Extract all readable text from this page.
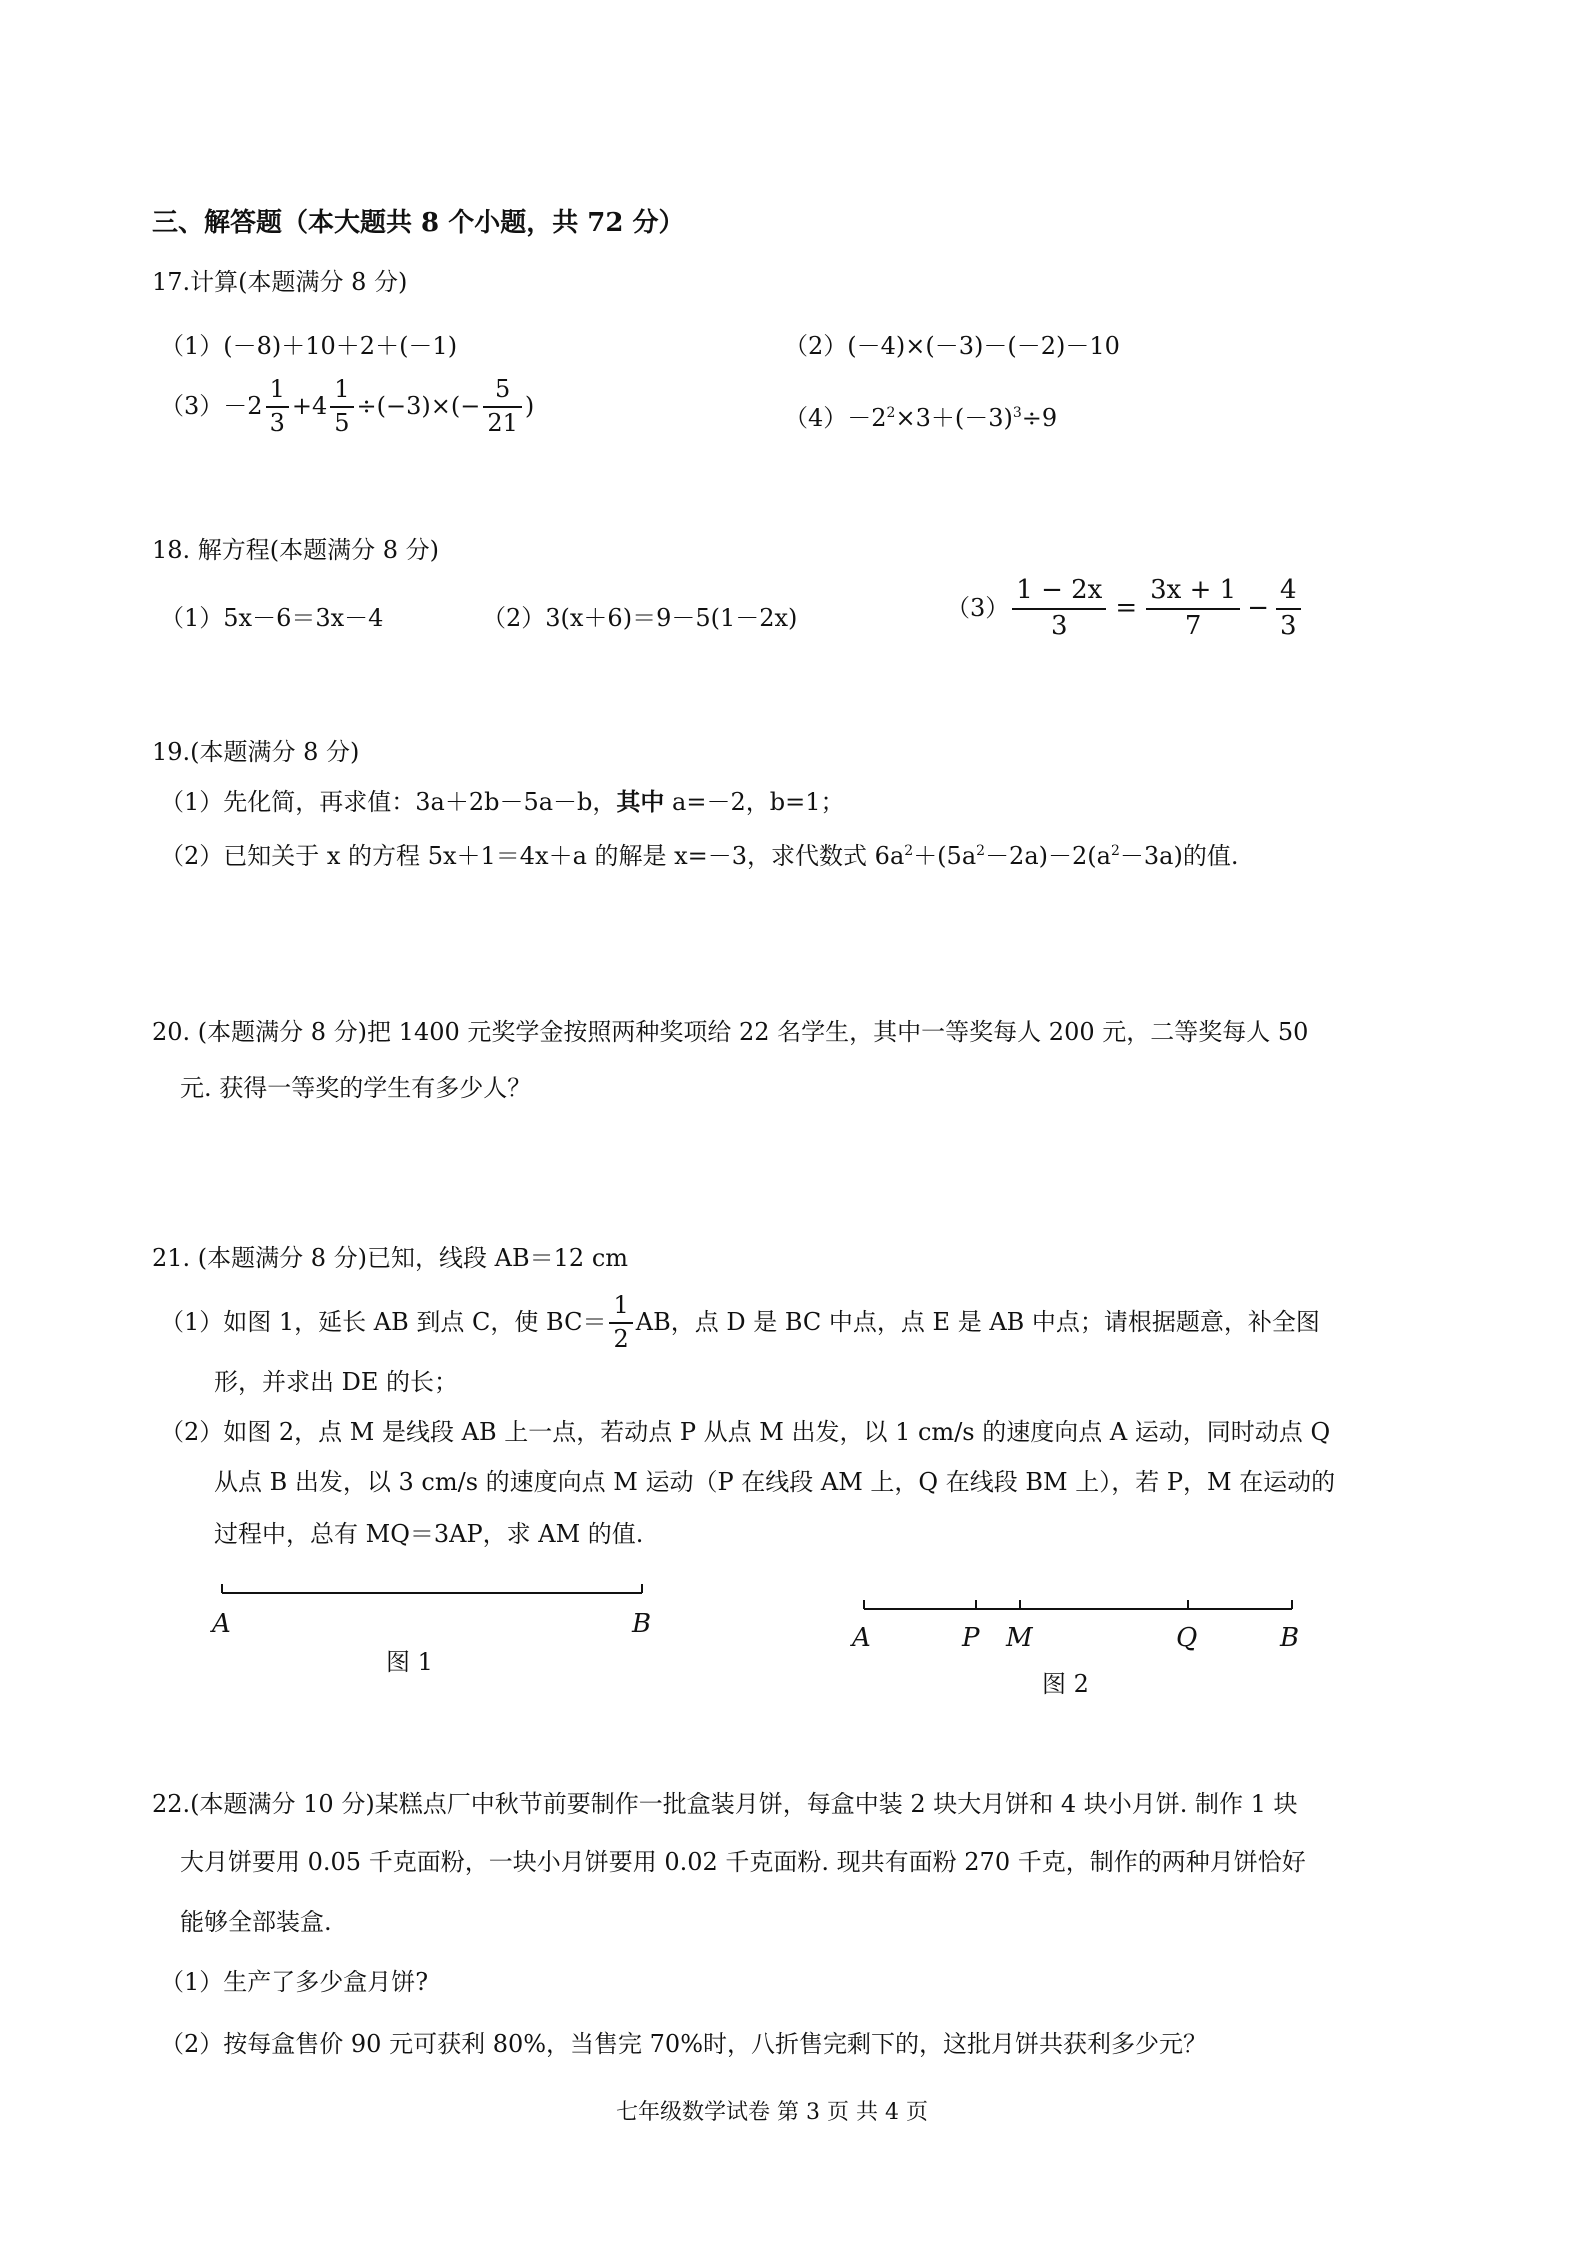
三、解答题（本大题共 8 个小题，共 72 分）
17.计算(本题满分 8 分)
（1）(－8)＋10＋2＋(－1)	（2）(－4)×(－3)－(－2)－10
$(3) -2 \frac{1}{3} +4 \frac{1}{5} \div(-3)\times(- \frac{5}{21}$ )	$(4)-2^2\times 3+(-3)^3\div 9$
18. 解方程(本题满分 8 分)
（1）5x－6＝3x－4	（2）3(x＋6)＝9－5(1－2x)	$(3) \frac{1 - 2x}{3} = \frac{3x + 1}{7} - \frac{4}{3}$
19.(本题满分 8 分)
（1）先化简，再求值：3a＋2b－5a－b，其中 a=－2，b=1；
（2）已知关于 x 的方程 5x＋1＝4x＋a 的解是 x=－3，求代数式 $6a^2+(5a^2-2a)-2(a^2-3a)$的值.
20. (本题满分 8 分)把 1400 元奖学金按照两种奖项给 22 名学生，其中一等奖每人 200 元，二等奖每人 50
元. 获得一等奖的学生有多少人？
21. (本题满分 8 分)已知，线段 AB＝12 cm
（1）如图 1，延长 AB 到点 C，使 $BC= \frac{1}{2}$ AB，点 D 是 BC 中点，点 E 是 AB 中点；请根据题意，补全图
形，并求出 DE 的长；
（2）如图 2，点 M 是线段 AB 上一点，若动点 P 从点 M 出发，以 1 cm/s 的速度向点 A 运动，同时动点 Q
从点 B 出发，以 3 cm/s 的速度向点 M 运动（P 在线段 AM 上，Q 在线段 BM 上），若 P，M 在运动的
过程中，总有 MQ＝3AP，求 AM 的值.
A	B
图 1
A	P M	Q	B
图 2
22.(本题满分 10 分)某糕点厂中秋节前要制作一批盒装月饼，每盒中装 2 块大月饼和 4 块小月饼. 制作 1 块
大月饼要用 0.05 千克面粉，一块小月饼要用 0.02 千克面粉. 现共有面粉 270 千克，制作的两种月饼恰好
能够全部装盒.
（1）生产了多少盒月饼?
（2）按每盒售价 90 元可获利 80%，当售完 70%时，八折售完剩下的，这批月饼共获利多少元？
七年级数学试卷 第 3 页 共 4 页
